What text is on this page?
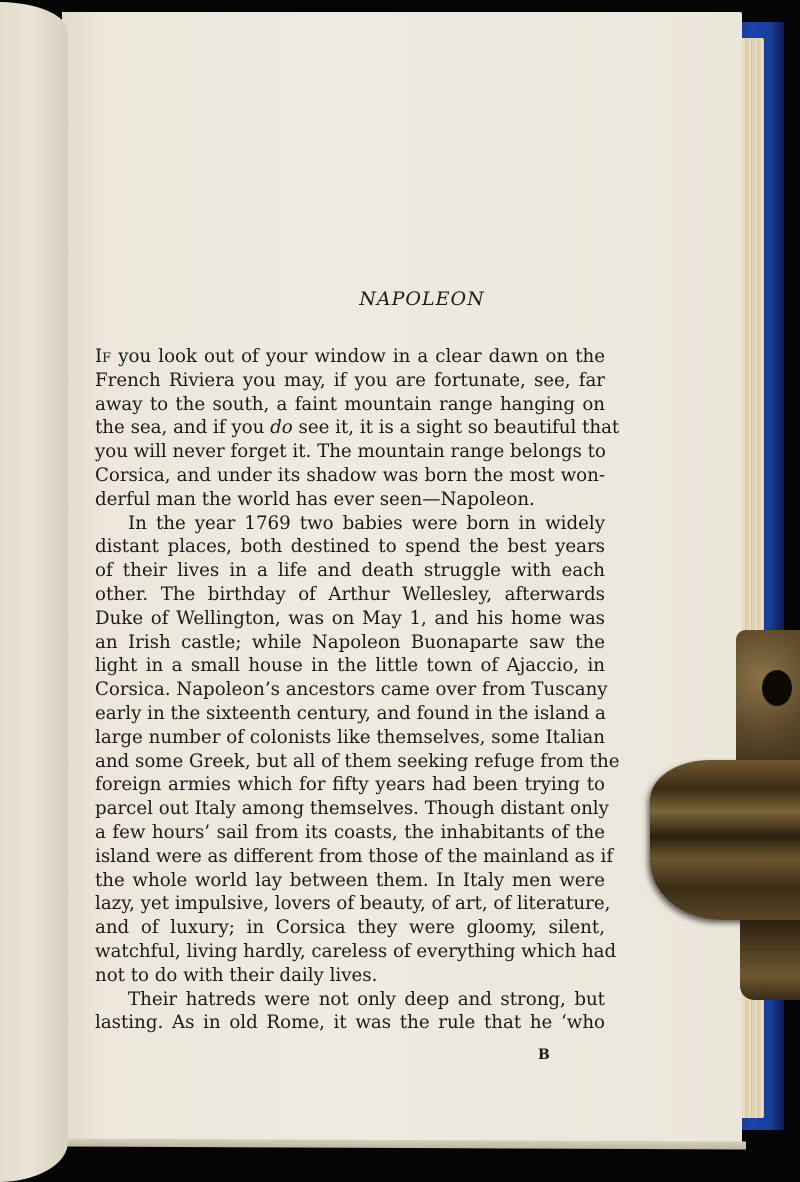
NAPOLEON
If you look out of your window in a clear dawn on the
French Riviera you may, if you are fortunate, see, far
away to the south, a faint mountain range hanging on
the sea, and if you do see it, it is a sight so beautiful that
you will never forget it. The mountain range belongs to
Corsica, and under its shadow was born the most won-
derful man the world has ever seen—Napoleon.
In the year 1769 two babies were born in widely
distant places, both destined to spend the best years
of their lives in a life and death struggle with each
other. The birthday of Arthur Wellesley, afterwards
Duke of Wellington, was on May 1, and his home was
an Irish castle; while Napoleon Buonaparte saw the
light in a small house in the little town of Ajaccio, in
Corsica. Napoleon’s ancestors came over from Tuscany
early in the sixteenth century, and found in the island a
large number of colonists like themselves, some Italian
and some Greek, but all of them seeking refuge from the
foreign armies which for fifty years had been trying to
parcel out Italy among themselves. Though distant only
a few hours’ sail from its coasts, the inhabitants of the
island were as different from those of the mainland as if
the whole world lay between them. In Italy men were
lazy, yet impulsive, lovers of beauty, of art, of literature,
and of luxury; in Corsica they were gloomy, silent,
watchful, living hardly, careless of everything which had
not to do with their daily lives.
Their hatreds were not only deep and strong, but
lasting. As in old Rome, it was the rule that he ‘who
B
